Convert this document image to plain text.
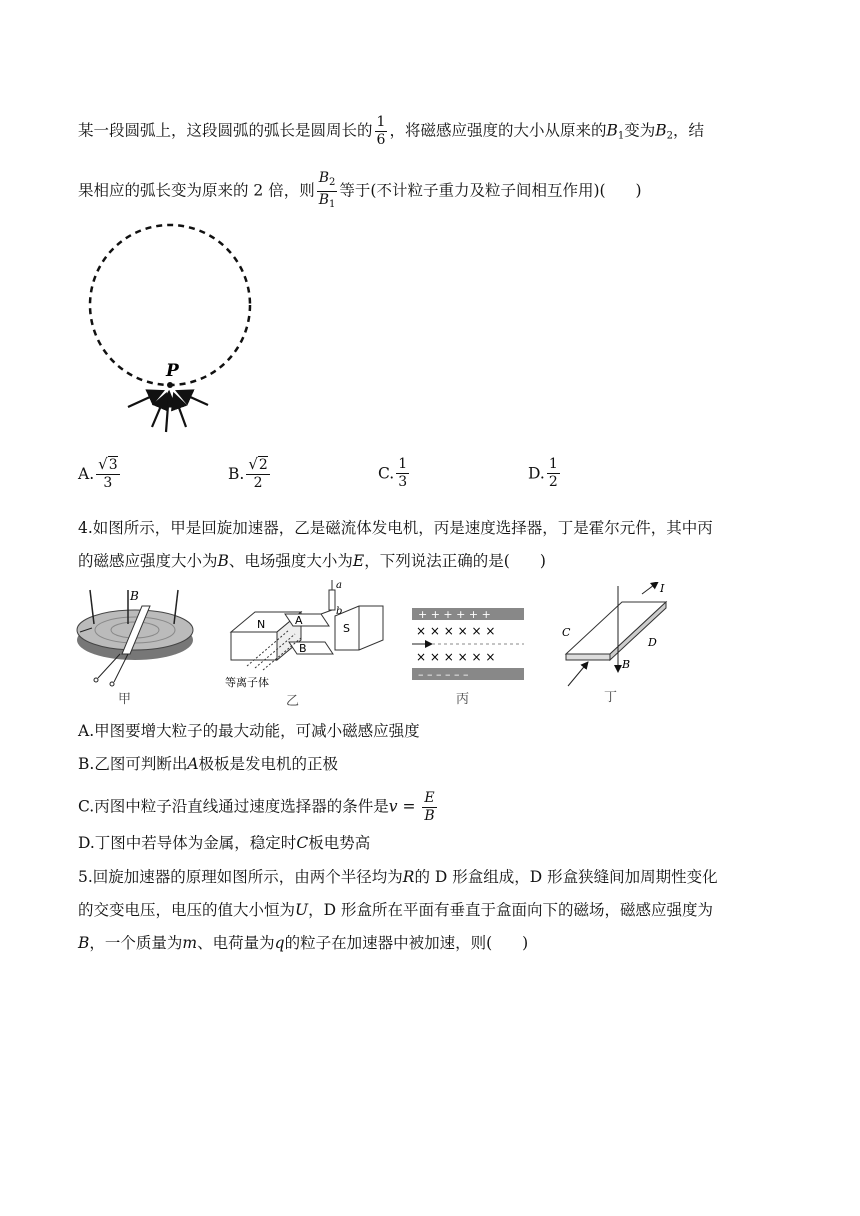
某一段圆弧上，这段圆弧的弧长是圆周长的 $\frac{1}{6}$ ，将磁感应强度的大小从原来的$B_1$变为$B_2$，结
果相应的弧长变为原来的 2 倍，则 $\frac{B_2}{B_1}$ 等于(不计粒子重力及粒子间相互作用)( )
P
A. $\frac{√3}{3}$	B. $\frac{√2}{2}$	C. $\frac{1}{3}$	D. $\frac{1}{2}$
4.如图所示，甲是回旋加速器，乙是磁流体发电机，丙是速度选择器，丁是霍尔元件，其中丙
的磁感应强度大小为B、电场强度大小为E，下列说法正确的是( )
B
甲
N	A
B
S
a
b
等离子体
乙
+ + + + + +
× × × × × ×
× × × × × ×
– – – – – –
丙
I
C
D
B
丁
A.甲图要增大粒子的最大动能，可减小磁感应强度
B.乙图可判断出A极板是发电机的正极
C.丙图中粒子沿直线通过速度选择器的条件是$v = \frac{E}{B}$
D.丁图中若导体为金属，稳定时C板电势高
5.回旋加速器的原理如图所示，由两个半径均为R的 D 形盒组成，D 形盒狭缝间加周期性变化
的交变电压，电压的值大小恒为U，D 形盒所在平面有垂直于盒面向下的磁场，磁感应强度为
B，一个质量为m、电荷量为q的粒子在加速器中被加速，则( )
